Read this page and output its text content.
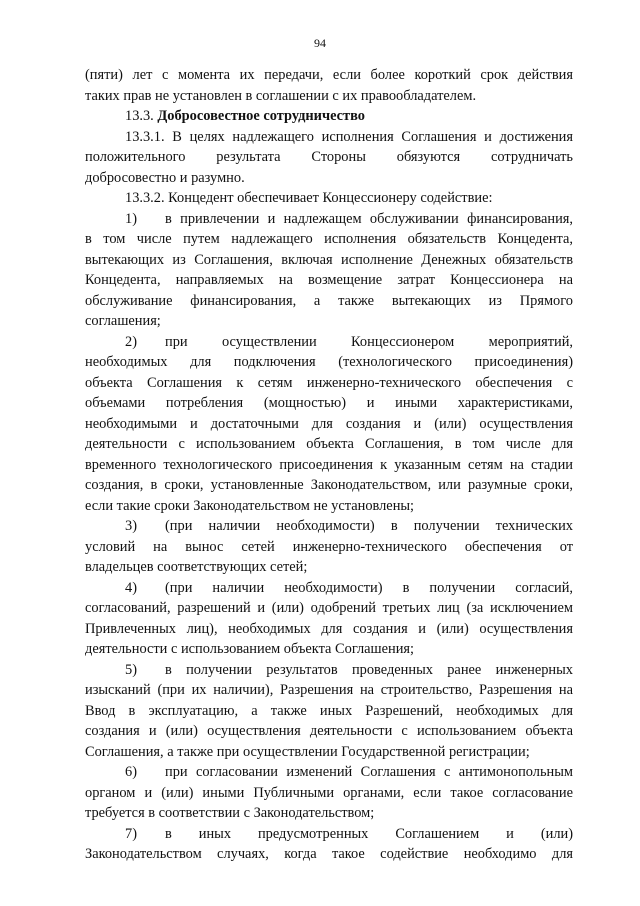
94
(пяти) лет с момента их передачи, если более короткий срок действия
таких прав не установлен в соглашении с их правообладателем.
13.3. Добросовестное сотрудничество
13.3.1. В целях надлежащего исполнения Соглашения и достижения
положительного результата Стороны обязуются сотрудничать
добросовестно и разумно.
13.3.2. Концедент обеспечивает Концессионеру содействие:
1) в привлечении и надлежащем обслуживании финансирования,
в том числе путем надлежащего исполнения обязательств Концедента,
вытекающих из Соглашения, включая исполнение Денежных обязательств
Концедента, направляемых на возмещение затрат Концессионера на
обслуживание финансирования, а также вытекающих из Прямого
соглашения;
2) при осуществлении Концессионером мероприятий,
необходимых для подключения (технологического присоединения)
объекта Соглашения к сетям инженерно-технического обеспечения с
объемами потребления (мощностью) и иными характеристиками,
необходимыми и достаточными для создания и (или) осуществления
деятельности с использованием объекта Соглашения, в том числе для
временного технологического присоединения к указанным сетям на стадии
создания, в сроки, установленные Законодательством, или разумные сроки,
если такие сроки Законодательством не установлены;
3) (при наличии необходимости) в получении технических
условий на вынос сетей инженерно-технического обеспечения от
владельцев соответствующих сетей;
4) (при наличии необходимости) в получении согласий,
согласований, разрешений и (или) одобрений третьих лиц (за исключением
Привлеченных лиц), необходимых для создания и (или) осуществления
деятельности с использованием объекта Соглашения;
5) в получении результатов проведенных ранее инженерных
изысканий (при их наличии), Разрешения на строительство, Разрешения на
Ввод в эксплуатацию, а также иных Разрешений, необходимых для
создания и (или) осуществления деятельности с использованием объекта
Соглашения, а также при осуществлении Государственной регистрации;
6) при согласовании изменений Соглашения с антимонопольным
органом и (или) иными Публичными органами, если такое согласование
требуется в соответствии с Законодательством;
7) в иных предусмотренных Соглашением и (или)
Законодательством случаях, когда такое содействие необходимо для
